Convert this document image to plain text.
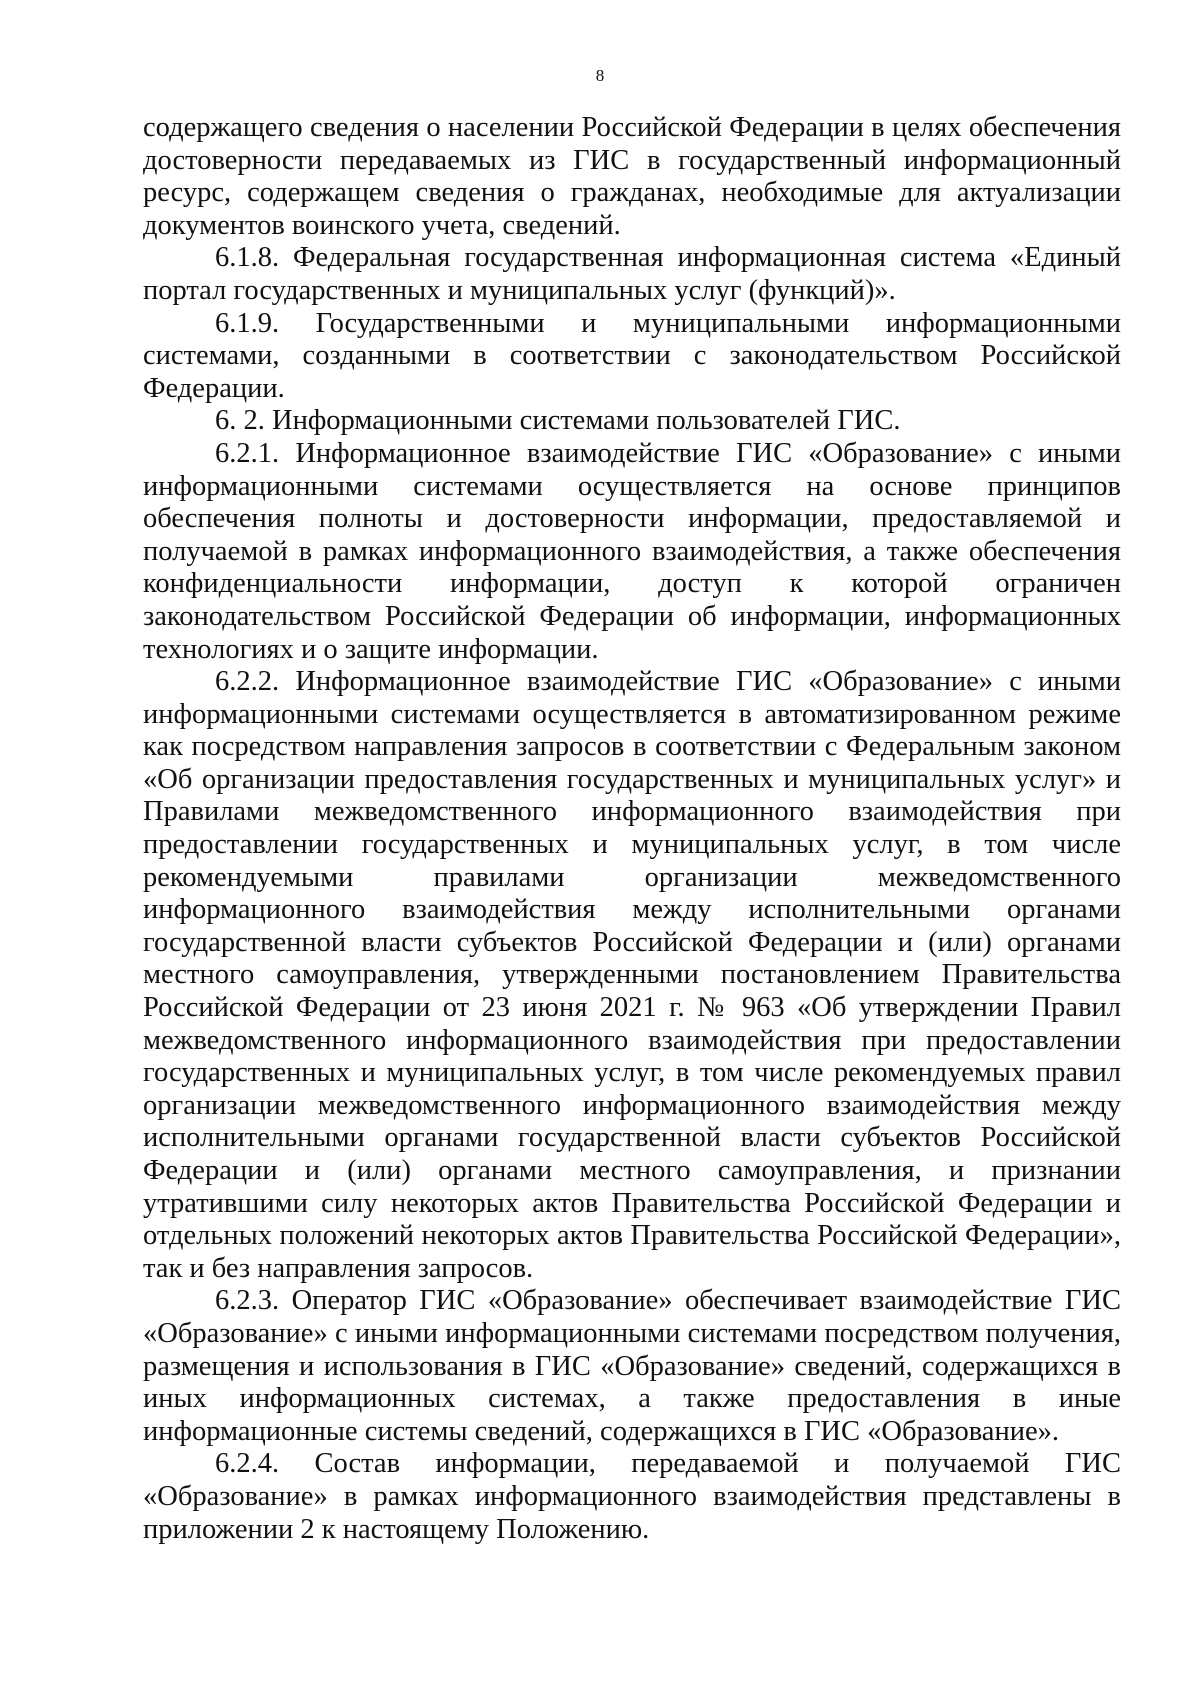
8

содержащего сведения о населении Российской Федерации в целях обеспечения достоверности передаваемых из ГИС в государственный информационный ресурс, содержащем сведения о гражданах, необходимые для актуализации документов воинского учета, сведений.

6.1.8. Федеральная государственная информационная система «Единый портал государственных и муниципальных услуг (функций)».

6.1.9. Государственными и муниципальными информационными системами, созданными в соответствии с законодательством Российской Федерации.

6. 2. Информационными системами пользователей ГИС.

6.2.1. Информационное взаимодействие ГИС «Образование» с иными информационными системами осуществляется на основе принципов обеспечения полноты и достоверности информации, предоставляемой и получаемой в рамках информационного взаимодействия, а также обеспечения конфиденциальности информации, доступ к которой ограничен законодательством Российской Федерации об информации, информационных технологиях и о защите информации.

6.2.2. Информационное взаимодействие ГИС «Образование» с иными информационными системами осуществляется в автоматизированном режиме как посредством направления запросов в соответствии с Федеральным законом «Об организации предоставления государственных и муниципальных услуг» и Правилами межведомственного информационного взаимодействия при предоставлении государственных и муниципальных услуг, в том числе рекомендуемыми правилами организации межведомственного информационного взаимодействия между исполнительными органами государственной власти субъектов Российской Федерации и (или) органами местного самоуправления, утвержденными постановлением Правительства Российской Федерации от 23 июня 2021 г. № 963 «Об утверждении Правил межведомственного информационного взаимодействия при предоставлении государственных и муниципальных услуг, в том числе рекомендуемых правил организации межведомственного информационного взаимодействия между исполнительными органами государственной власти субъектов Российской Федерации и (или) органами местного самоуправления, и признании утратившими силу некоторых актов Правительства Российской Федерации и отдельных положений некоторых актов Правительства Российской Федерации», так и без направления запросов.

6.2.3. Оператор ГИС «Образование» обеспечивает взаимодействие ГИС «Образование» с иными информационными системами посредством получения, размещения и использования в ГИС «Образование» сведений, содержащихся в иных информационных системах, а также предоставления в иные информационные системы сведений, содержащихся в ГИС «Образование».

6.2.4. Состав информации, передаваемой и получаемой ГИС «Образование» в рамках информационного взаимодействия представлены в приложении 2 к настоящему Положению.
